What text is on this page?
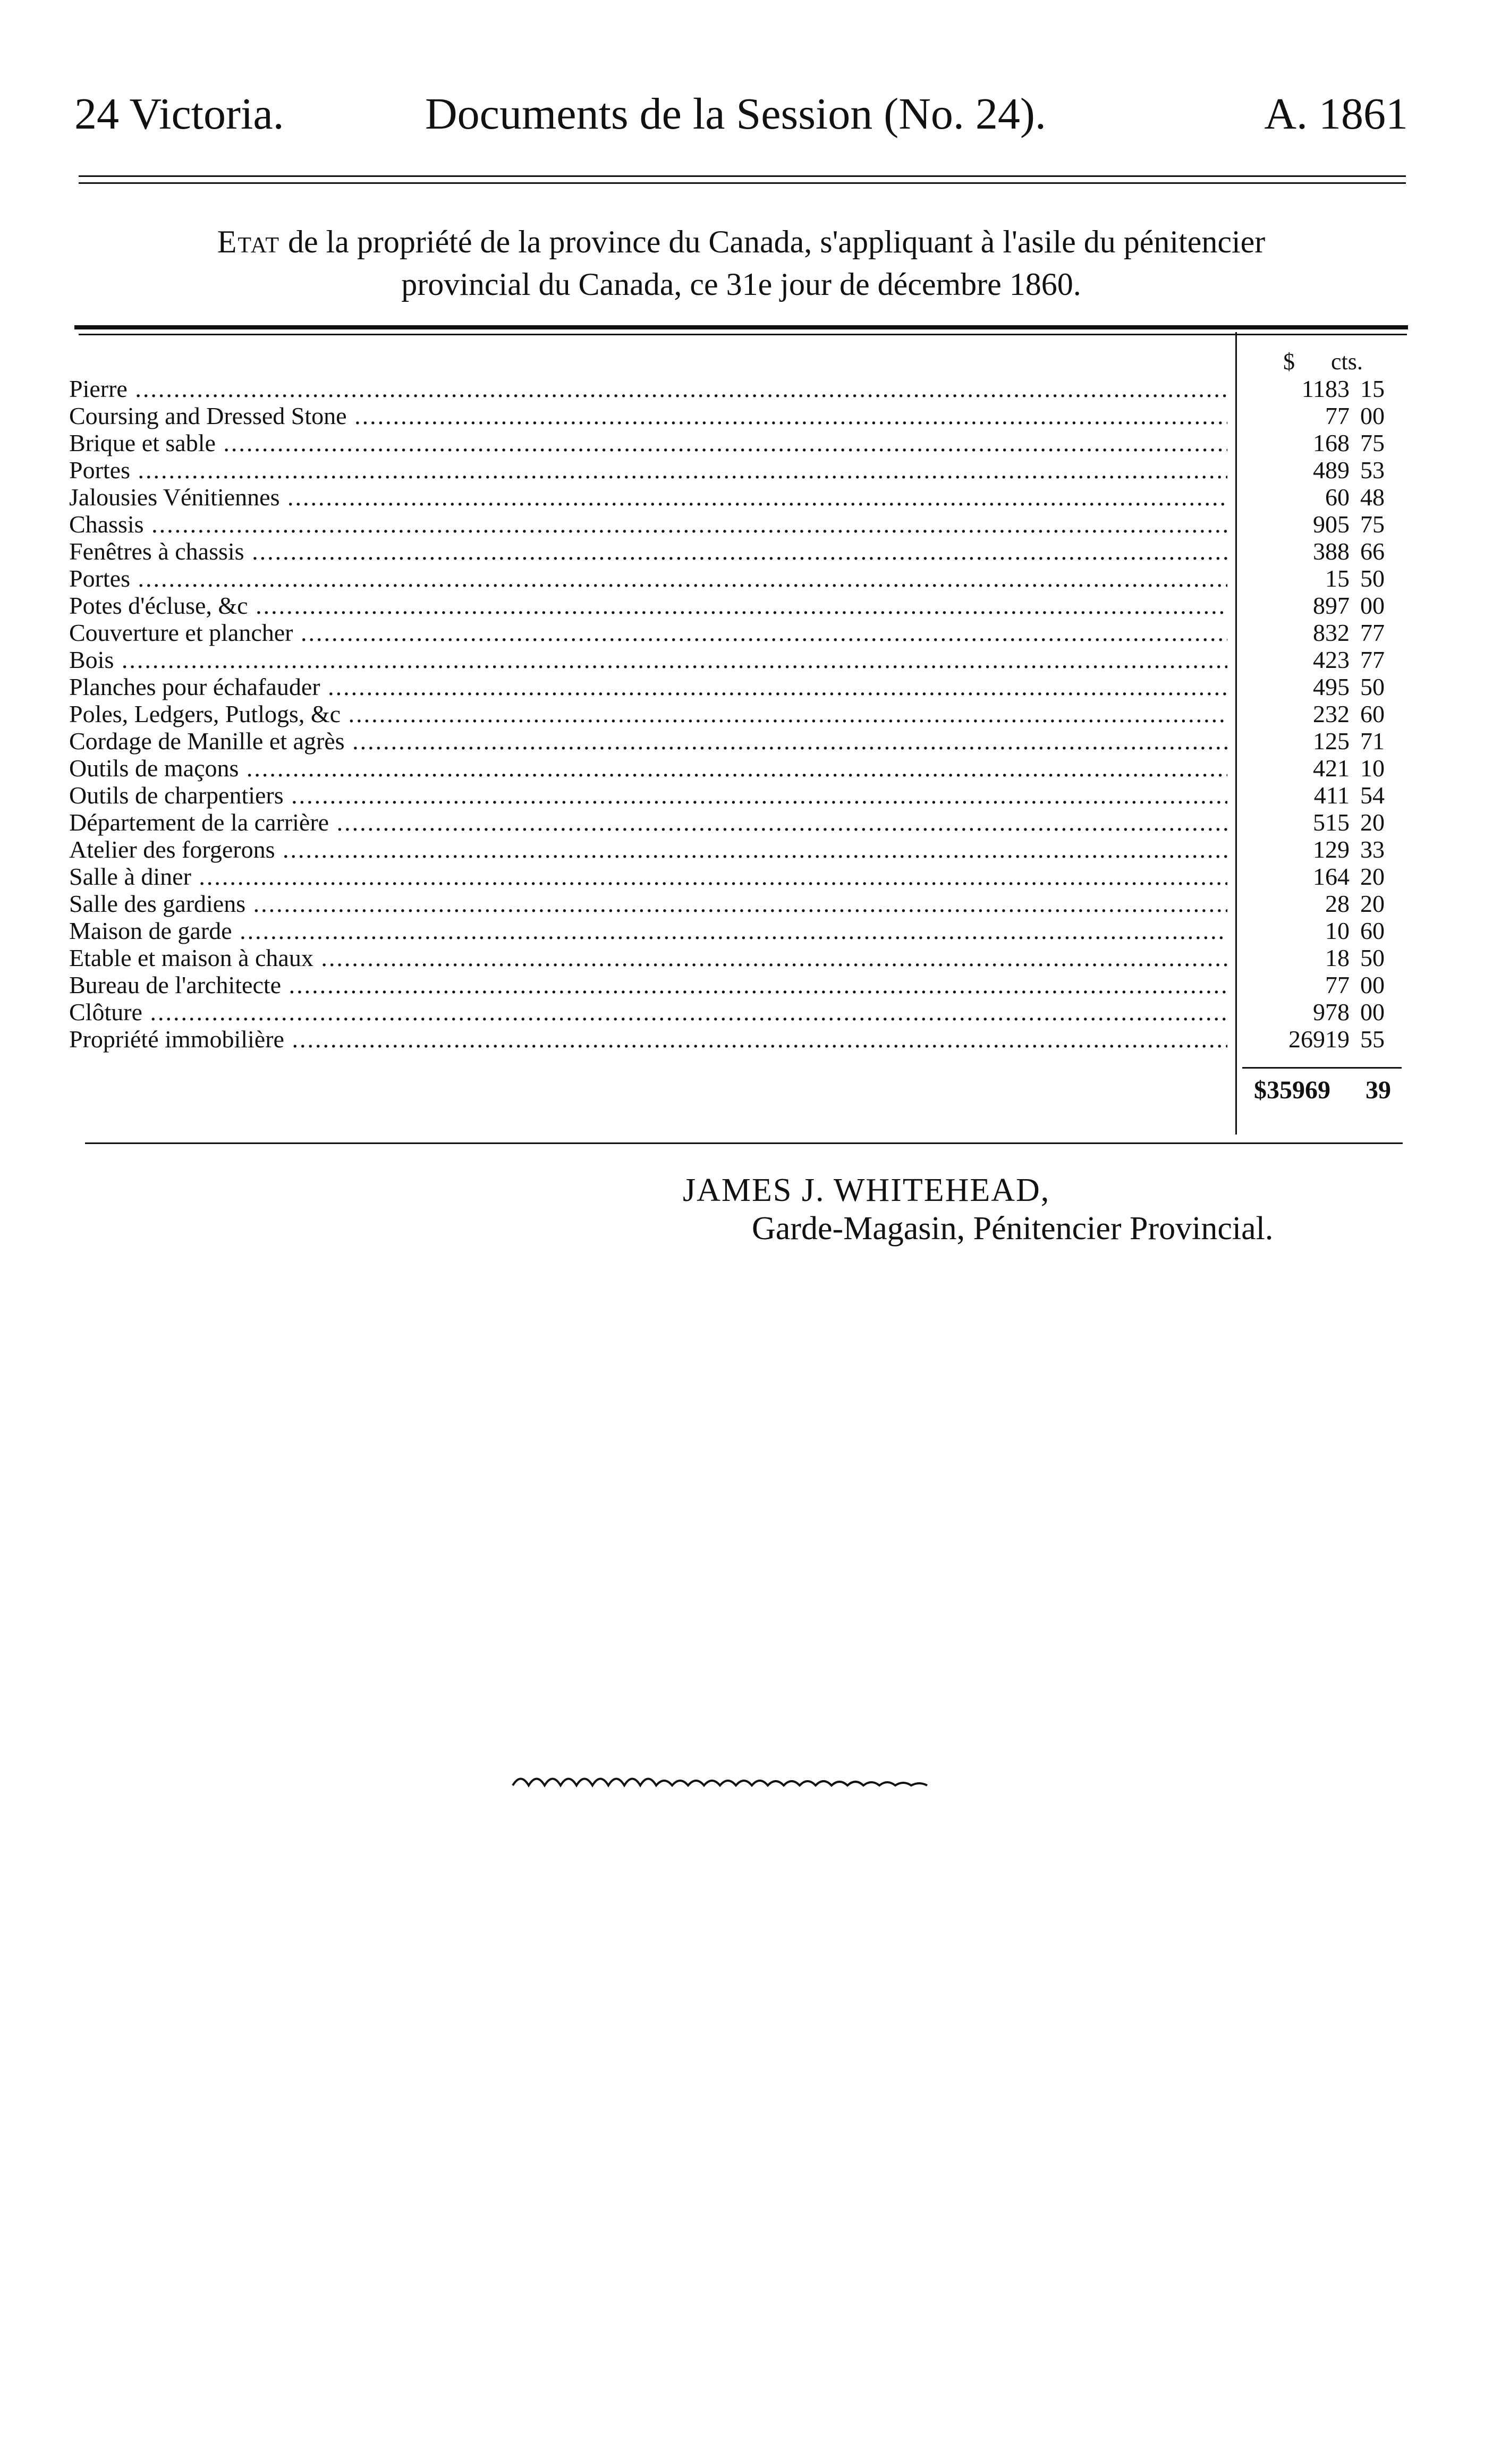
24 Victoria.	Documents de la Session (No. 24).	A. 1861
Etat de la propriété de la province du Canada, s'appliquant à l'asile du pénitencier
provincial du Canada, ce 31e jour de décembre 1860.
$ cts.
Pierre .....	1183 15
Coursing and Dressed Stone .....	77 00
Brique et sable .....	168 75
Portes .....	489 53
Jalousies Vénitiennes .....	60 48
Chassis .....	905 75
Fenêtres à chassis .....	388 66
Portes .....	15 50
Potes d'écluse, &c .....	897 00
Couverture et plancher .....	832 77
Bois .....	423 77
Planches pour échafauder .....	495 50
Poles, Ledgers, Putlogs, &c .....	232 60
Cordage de Manille et agrès .....	125 71
Outils de maçons .....	421 10
Outils de charpentiers .....	411 54
Département de la carrière .....	515 20
Atelier des forgerons .....	129 33
Salle à diner .....	164 20
Salle des gardiens .....	28 20
Maison de garde .....	10 60
Etable et maison à chaux .....	18 50
Bureau de l'architecte .....	77 00
Clôture .....	978 00
Propriété immobilière .....	26919 55
$35969 39
JAMES J. WHITEHEAD,
Garde-Magasin, Pénitencier Provincial.
